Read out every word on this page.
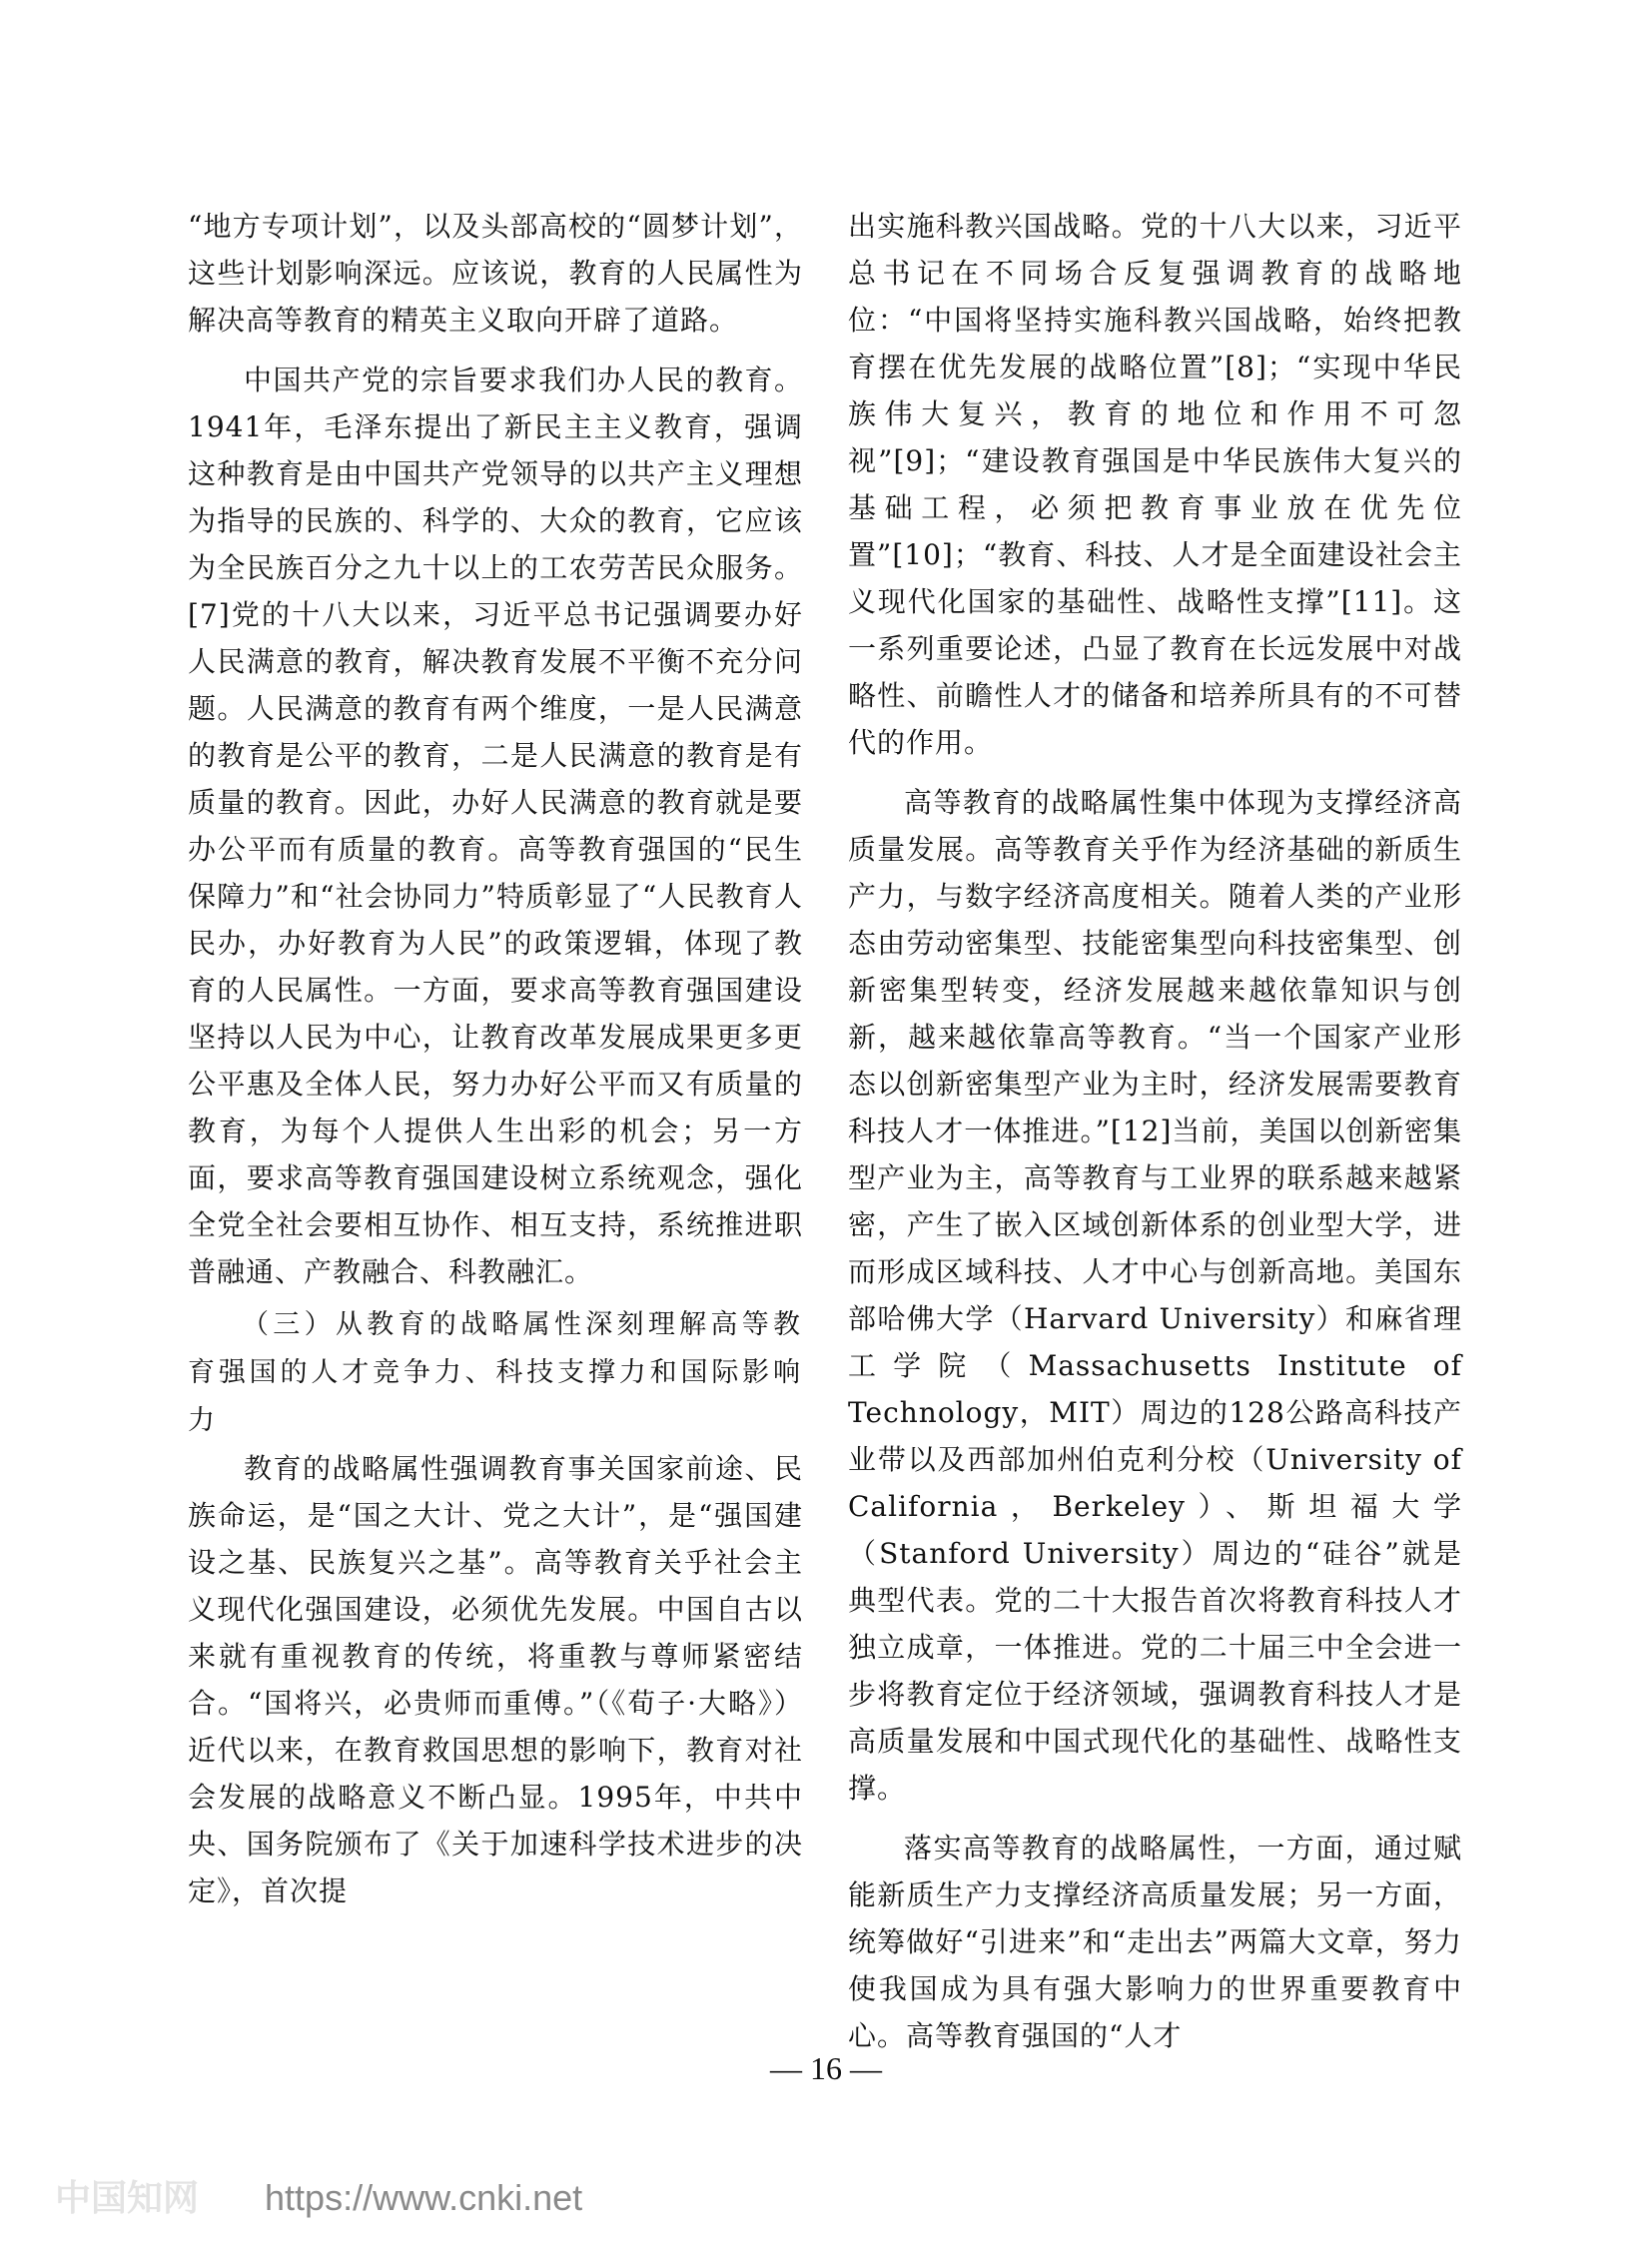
“地方专项计划”，以及头部高校的“圆梦计划”，这些计划影响深远。应该说，教育的人民属性为解决高等教育的精英主义取向开辟了道路。

中国共产党的宗旨要求我们办人民的教育。1941年，毛泽东提出了新民主主义教育，强调这种教育是由中国共产党领导的以共产主义理想为指导的民族的、科学的、大众的教育，它应该为全民族百分之九十以上的工农劳苦民众服务。[7]党的十八大以来，习近平总书记强调要办好人民满意的教育，解决教育发展不平衡不充分问题。人民满意的教育有两个维度，一是人民满意的教育是公平的教育，二是人民满意的教育是有质量的教育。因此，办好人民满意的教育就是要办公平而有质量的教育。高等教育强国的“民生保障力”和“社会协同力”特质彰显了“人民教育人民办，办好教育为人民”的政策逻辑，体现了教育的人民属性。一方面，要求高等教育强国建设坚持以人民为中心，让教育改革发展成果更多更公平惠及全体人民，努力办好公平而又有质量的教育，为每个人提供人生出彩的机会；另一方面，要求高等教育强国建设树立系统观念，强化全党全社会要相互协作、相互支持，系统推进职普融通、产教融合、科教融汇。

（三）从教育的战略属性深刻理解高等教育强国的人才竞争力、科技支撑力和国际影响力

教育的战略属性强调教育事关国家前途、民族命运，是“国之大计、党之大计”，是“强国建设之基、民族复兴之基”。高等教育关乎社会主义现代化强国建设，必须优先发展。中国自古以来就有重视教育的传统，将重教与尊师紧密结合。“国将兴，必贵师而重傅。”（《荀子·大略》）近代以来，在教育救国思想的影响下，教育对社会发展的战略意义不断凸显。1995年，中共中央、国务院颁布了《关于加速科学技术进步的决定》，首次提

出实施科教兴国战略。党的十八大以来，习近平总书记在不同场合反复强调教育的战略地位：“中国将坚持实施科教兴国战略，始终把教育摆在优先发展的战略位置”[8]；“实现中华民族伟大复兴，教育的地位和作用不可忽视”[9]；“建设教育强国是中华民族伟大复兴的基础工程，必须把教育事业放在优先位置”[10]；“教育、科技、人才是全面建设社会主义现代化国家的基础性、战略性支撑”[11]。这一系列重要论述，凸显了教育在长远发展中对战略性、前瞻性人才的储备和培养所具有的不可替代的作用。

高等教育的战略属性集中体现为支撑经济高质量发展。高等教育关乎作为经济基础的新质生产力，与数字经济高度相关。随着人类的产业形态由劳动密集型、技能密集型向科技密集型、创新密集型转变，经济发展越来越依靠知识与创新，越来越依靠高等教育。“当一个国家产业形态以创新密集型产业为主时，经济发展需要教育科技人才一体推进。”[12]当前，美国以创新密集型产业为主，高等教育与工业界的联系越来越紧密，产生了嵌入区域创新体系的创业型大学，进而形成区域科技、人才中心与创新高地。美国东部哈佛大学（Harvard University）和麻省理工学院（Massachusetts Institute of Technology，MIT）周边的128公路高科技产业带以及西部加州伯克利分校（University of California，Berkeley）、斯坦福大学（Stanford University）周边的“硅谷”就是典型代表。党的二十大报告首次将教育科技人才独立成章，一体推进。党的二十届三中全会进一步将教育定位于经济领域，强调教育科技人才是高质量发展和中国式现代化的基础性、战略性支撑。

落实高等教育的战略属性，一方面，通过赋能新质生产力支撑经济高质量发展；另一方面，统筹做好“引进来”和“走出去”两篇大文章，努力使我国成为具有强大影响力的世界重要教育中心。高等教育强国的“人才

— 16 —
中国知网 https://www.cnki.net
